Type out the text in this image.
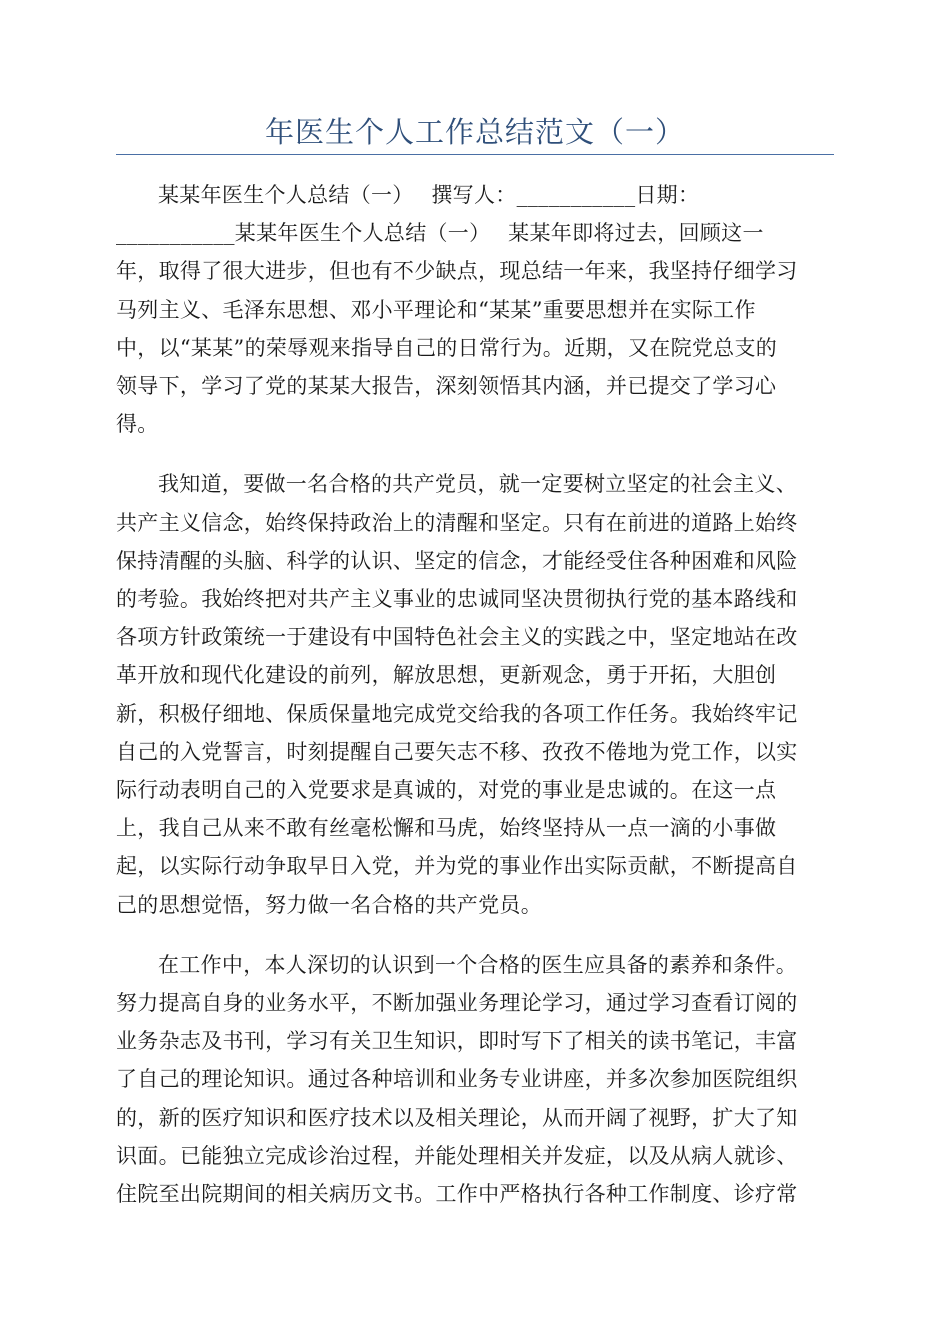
年医生个人工作总结范文（一）

某某年医生个人总结（一）　 撰写人：___________日期：
___________某某年医生个人总结（一）　 某某年即将过去，回顾这一
年，取得了很大进步，但也有不少缺点，现总结一年来，我坚持仔细学习
马列主义、毛泽东思想、邓小平理论和“某某”重要思想并在实际工作
中，以“某某”的荣辱观来指导自己的日常行为。近期，又在院党总支的
领导下，学习了党的某某大报告，深刻领悟其内涵，并已提交了学习心
得。

我知道，要做一名合格的共产党员，就一定要树立坚定的社会主义、
共产主义信念，始终保持政治上的清醒和坚定。只有在前进的道路上始终
保持清醒的头脑、科学的认识、坚定的信念，才能经受住各种困难和风险
的考验。我始终把对共产主义事业的忠诚同坚决贯彻执行党的基本路线和
各项方针政策统一于建设有中国特色社会主义的实践之中，坚定地站在改
革开放和现代化建设的前列，解放思想，更新观念，勇于开拓，大胆创
新，积极仔细地、保质保量地完成党交给我的各项工作任务。我始终牢记
自己的入党誓言，时刻提醒自己要矢志不移、孜孜不倦地为党工作，以实
际行动表明自己的入党要求是真诚的，对党的事业是忠诚的。在这一点
上，我自己从来不敢有丝毫松懈和马虎，始终坚持从一点一滴的小事做
起，以实际行动争取早日入党，并为党的事业作出实际贡献，不断提高自
己的思想觉悟，努力做一名合格的共产党员。

在工作中，本人深切的认识到一个合格的医生应具备的素养和条件。
努力提高自身的业务水平，不断加强业务理论学习，通过学习查看订阅的
业务杂志及书刊，学习有关卫生知识，即时写下了相关的读书笔记，丰富
了自己的理论知识。通过各种培训和业务专业讲座，并多次参加医院组织
的，新的医疗知识和医疗技术以及相关理论，从而开阔了视野，扩大了知
识面。已能独立完成诊治过程，并能处理相关并发症，以及从病人就诊、
住院至出院期间的相关病历文书。工作中严格执行各种工作制度、诊疗常
